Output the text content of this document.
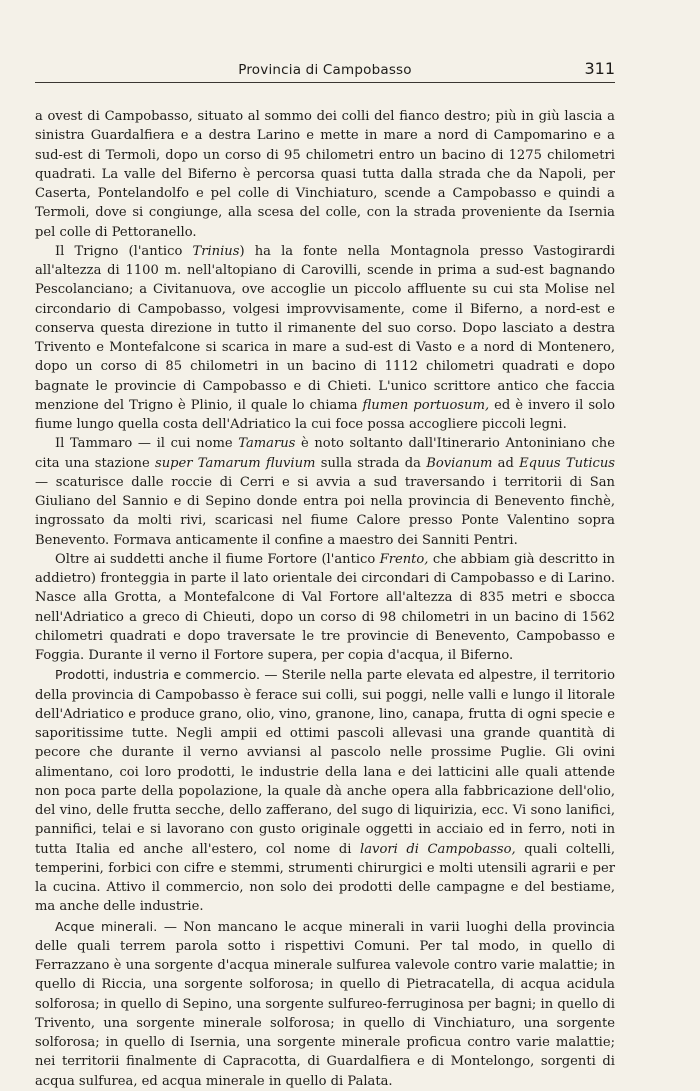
Provincia di Campobasso	311

a ovest di Campobasso, situato al sommo dei colli del fianco destro; più in giù lascia a sinistra Guardalfiera e a destra Larino e mette in mare a nord di Campomarino e a sud-est di Termoli, dopo un corso di 95 chilometri entro un bacino di 1275 chilometri quadrati. La valle del Biferno è percorsa quasi tutta dalla strada che da Napoli, per Caserta, Pontelandolfo e pel colle di Vinchiaturo, scende a Campobasso e quindi a Termoli, dove si congiunge, alla scesa del colle, con la strada proveniente da Isernia pel colle di Pettoranello.

Il Trigno (l'antico Trinius) ha la fonte nella Montagnola presso Vastogirardi all'altezza di 1100 m. nell'altopiano di Carovilli, scende in prima a sud-est bagnando Pescolanciano; a Civitanuova, ove accoglie un piccolo affluente su cui sta Molise nel circondario di Campobasso, volgesi improvvisamente, come il Biferno, a nord-est e conserva questa direzione in tutto il rimanente del suo corso. Dopo lasciato a destra Trivento e Montefalcone si scarica in mare a sud-est di Vasto e a nord di Montenero, dopo un corso di 85 chilometri in un bacino di 1112 chilometri quadrati e dopo bagnate le provincie di Campobasso e di Chieti. L'unico scrittore antico che faccia menzione del Trigno è Plinio, il quale lo chiama flumen portuosum, ed è invero il solo fiume lungo quella costa dell'Adriatico la cui foce possa accogliere piccoli legni.

Il Tammaro — il cui nome Tamarus è noto soltanto dall'Itinerario Antoniniano che cita una stazione super Tamarum fluvium sulla strada da Bovianum ad Equus Tuticus — scaturisce dalle roccie di Cerri e si avvia a sud traversando i territorii di San Giuliano del Sannio e di Sepino donde entra poi nella provincia di Benevento finchè, ingrossato da molti rivi, scaricasi nel fiume Calore presso Ponte Valentino sopra Benevento. Formava anticamente il confine a maestro dei Sanniti Pentri.

Oltre ai suddetti anche il fiume Fortore (l'antico Frento, che abbiam già descritto in addietro) fronteggia in parte il lato orientale dei circondari di Campobasso e di Larino. Nasce alla Grotta, a Montefalcone di Val Fortore all'altezza di 835 metri e sbocca nell'Adriatico a greco di Chieuti, dopo un corso di 98 chilometri in un bacino di 1562 chilometri quadrati e dopo traversate le tre provincie di Benevento, Campobasso e Foggia. Durante il verno il Fortore supera, per copia d'acqua, il Biferno.

Prodotti, industria e commercio. — Sterile nella parte elevata ed alpestre, il territorio della provincia di Campobasso è ferace sui colli, sui poggi, nelle valli e lungo il litorale dell'Adriatico e produce grano, olio, vino, granone, lino, canapa, frutta di ogni specie e saporitissime tutte. Negli ampii ed ottimi pascoli allevasi una grande quantità di pecore che durante il verno avviansi al pascolo nelle prossime Puglie. Gli ovini alimentano, coi loro prodotti, le industrie della lana e dei latticini alle quali attende non poca parte della popolazione, la quale dà anche opera alla fabbricazione dell'olio, del vino, delle frutta secche, dello zafferano, del sugo di liquirizia, ecc. Vi sono lanifici, pannifici, telai e si lavorano con gusto originale oggetti in acciaio ed in ferro, noti in tutta Italia ed anche all'estero, col nome di lavori di Campobasso, quali coltelli, temperini, forbici con cifre e stemmi, strumenti chirurgici e molti utensili agrarii e per la cucina. Attivo il commercio, non solo dei prodotti delle campagne e del bestiame, ma anche delle industrie.

Acque minerali. — Non mancano le acque minerali in varii luoghi della provincia delle quali terrem parola sotto i rispettivi Comuni. Per tal modo, in quello di Ferrazzano è una sorgente d'acqua minerale sulfurea valevole contro varie malattie; in quello di Riccia, una sorgente solforosa; in quello di Pietracatella, di acqua acidula solforosa; in quello di Sepino, una sorgente sulfureo-ferruginosa per bagni; in quello di Trivento, una sorgente minerale solforosa; in quello di Vinchiaturo, una sorgente solforosa; in quello di Isernia, una sorgente minerale proficua contro varie malattie; nei territorii finalmente di Capracotta, di Guardalfiera e di Montelongo, sorgenti di acqua sulfurea, ed acqua minerale in quello di Palata.
